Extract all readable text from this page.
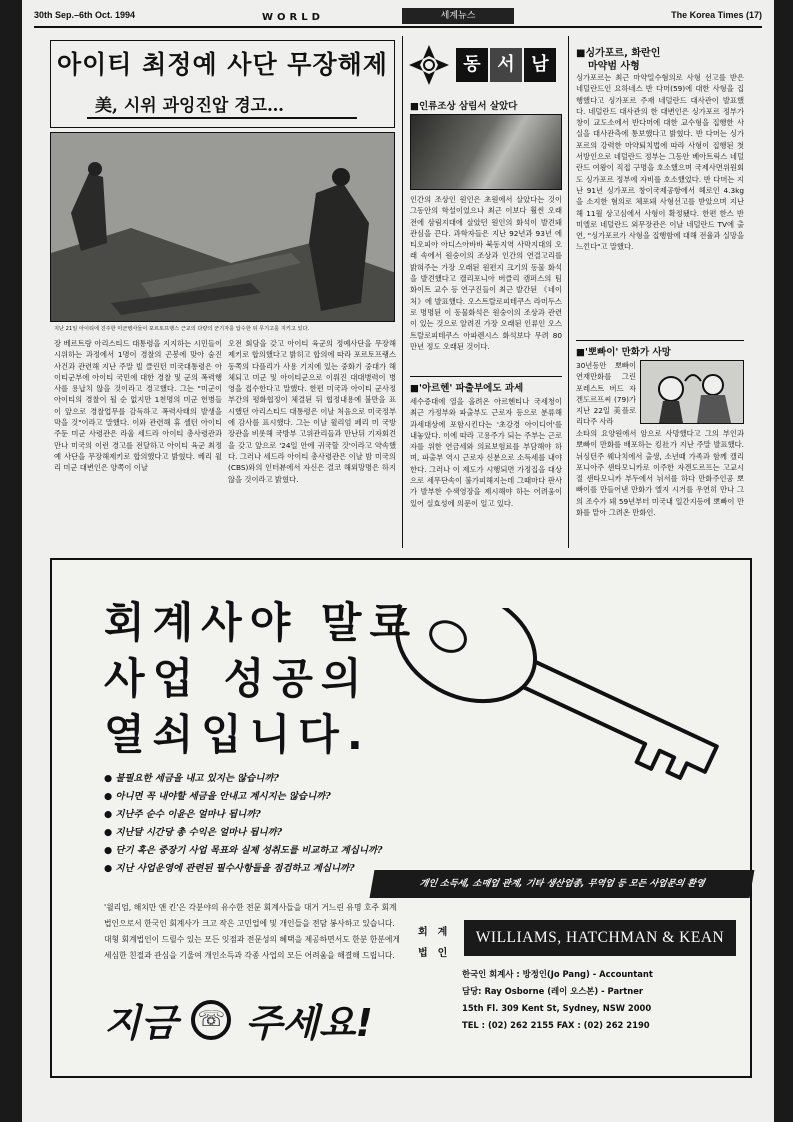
30th Sep.–6th Oct. 1994	WORLD	세계뉴스	The Korea Times (17)
아이티 최정예 사단 무장해제
美, 시위 과잉진압 경고…
지난 21일 아이티에 진주한 미군병사들이 포르토프랭스 근교의 다량의 군기자를 압수한 뒤 무기고를 지키고 있다.
장 베르트랑 아리스티드 대통령을 지지하는 시민들이 시위하는 과정에서 1명이 경찰의 곤봉에 맞아 숨진 사건과 관련해 지난 주말 빌 클린턴 미국대통령은 아이티군부에 아이티 국민에 대한 경찰 및 군의 폭력행사를 용납치 않을 것이라고 경고했다. 그는 "미군이 아이티의 경찰이 될 순 없지만 1천명의 미군 헌병들이 앞으로 경찰업무를 감독하고 폭력사태의 발생을 막을 것"이라고 말했다. 이와 관련해 휴 셸턴 아이티 주둔 미군 사령관은 라울 세드라 아이티 총사령관과 만나 미국의 이런 경고를 전달하고 아이티 육군 최정예 사단을 무장해제키로 합의했다고 밝혔다. 베리 윌리 미군 대변인은 양쪽이 이날
오전 회담을 갖고 아이티 육군의 정예사단을 무장해제키로 합의했다고 밝히고 합의에 따라 포르토프랭스 동쪽의 다플리가 사용 기지에 있는 중화기 중대가 해체되고 미군 및 아이티군으로 이뤄진 대대병력이 병영을 접수한다고 말했다. 한편 미국과 아이티 군사정부간의 평화협정이 체결된 뒤 협정내용에 불만을 표시했던 아리스티드 대통령은 이날 처음으로 미국정부에 감사를 표시했다. 그는 이날 윌리엄 페리 미 국방장관을 비롯해 국방부 고위관리들과 만난뒤 기자회견을 갖고 앞으로 '24일 안에 귀국할 것'이라고 약속했다. 그러나 세드라 아이티 총사령관은 이날 밤 미국의 (CBS)와의 인터뷰에서 자신은 결코 해외망명은 하지 않을 것이라고 밝혔다.
동 서 남
■인류조상 삼림서 살았다
인간의 조상인 원인은 초원에서 살았다는 것이 그동안의 학설이었으나 최근 이보다 훨씬 오래전에 삼림지대에 살았던 원인의 화석이 발견돼 관심을 끈다. 과학자들은 지난 92년과 93년 에티오피아 아디스아바바 북동지역 사막지대의 오래 속에서 원숭이의 조상과 인간의 연결고리를 밝혀주는 가장 오래된 원편지 크기의 동물 화석을 발견했다고 캘리포니아 버클리 캠퍼스의 팀 화이트 교수 등 연구진들이 최근 발간된 《네이처》에 발표했다. 오스트랄로피테쿠스 라미두스로 명명된 이 동물화석은 원숭이의 조상과 관련이 있는 것으로 알려진 가장 오래된 인류인 오스트랄로피테쿠스 아파렌시스 화석보다 무려 80만년 정도 오래된 것이다.
■'아르헨' 파출부에도 과세
세수증대에 열을 올려온 아르헨티나 국세청이 최근 가정부와 파출부도 근로자 등으로 분류해 과세대상에 포함시킨다는 '초강경 아이디어'를 내놓았다. 이에 따라 고용주가 되는 주부는 근로자를 위한 연금세와 의료보험료를 부담해야 하며, 파출부 역시 근로자 신분으로 소득세를 내야 한다. 그러나 이 제도가 시행되면 가정집을 대상으로 세무단속이 불가피해지는데 그때마다 판사가 발부한 수색영장을 제시해야 하는 어려움이 있어 실효성에 의문이 일고 있다.
■싱가포르, 화란인
마약범 사형
싱가포르는 최근 마약밀수혐의로 사형 선고를 받은 네덜란드인 요하네스 반 다머(59)에 대한 사형을 집행했다고 싱가포르 주재 네덜란드 대사관이 발표했다. 네덜란드 대사관의 한 대변인은 싱가포르 정부가 창이 교도소에서 반다머에 대한 교수형을 집행한 사실을 대사관측에 통보했다고 밝혔다. 반 다머는 싱가포르의 강력한 마약퇴치법에 따라 사형이 집행된 첫 서방인으로 네덜란드 정부는 그동안 베아트릭스 네덜란드 여왕이 직접 구명을 호소했으며 국제사면위원회도 싱가포르 정부에 자비를 호소했었다. 반 다머는 지난 91년 싱가포르 창이국제공항에서 헤로인 4.3kg을 소지한 혐의로 체포돼 사형선고를 받았으며 지난해 11월 상고심에서 사형이 확정됐다. 한편 한스 반 미엘로 네덜란드 외무장관은 이날 네덜란드 TV에 출연, "싱가포르가 사형을 집행함에 대해 전율과 실망을 느낀다"고 말했다.
■'뽀빠이' 만화가 사망
30년동안 뽀빠이 연재만화를 그린 포레스트 버드 자겐도르프씨 (79)가 지난 22일 美플로리다주 사라
소타의 요양원에서 암으로 사망했다고 그의 부인과 뽀빠이 만화를 배포하는 킹社가 지난 주말 발표했다. 뉘싱턴주 웨나치에서 출생, 소년때 가족과 함께 캘리포니아주 샌타모니카로 이주한 자겐도르프는 고교시절 샌타모니카 부두에서 뉘서를 하다 만화주인공 뽀빠이를 만들어낸 만화가 엘지 시거를 우연히 만나 그의 조수가 돼 59년부터 미국내 일간지등에 뽀빠이 만화를 맡아 그려온 만화인.
회계사야 말로
사업 성공의
열쇠입니다.
● 불필요한 세금을 내고 있지는 않습니까?
● 아니면 꼭 내야할 세금을 안내고 계시지는 않습니까?
● 지난주 순수 이윤은 얼마나 됩니까?
● 지난달 시간당 총 수익은 얼마나 됩니까?
● 단기 혹은 중장기 사업 목표와 실제 성취도를 비교하고 계십니까?
● 지난 사업운영에 관련된 필수사항들을 점검하고 계십니까?
개인 소득세, 소매업 관계, 기타 생산업종, 무역업 등 모든 사업문의 환영
'윌리엄, 해치만 앤 킨'은 각분야의 유수한 전문 회계사들을 대거 거느린 유명 호주 회계법인으로서 한국인 회계사가 크고 작은 고민업에 및 개인들을 전담 봉사하고 있습니다. 대형 회계법인이 드릴수 있는 모든 잇점과 전문성의 혜택을 제공하면서도 한분 한분에게 세심한 친절과 관심을 기울여 개인소득과 각종 사업의 모든 어려움을 해결해 드립니다.
지금 ☏ 주세요!
회계법인
WILLIAMS, HATCHMAN & KEAN
한국인 회계사 : 방정인(Jo Pang) - Accountant
담당: Ray Osborne (레이 오스본) - Partner
15th Fl. 309 Kent St, Sydney, NSW 2000
TEL : (02) 262 2155 FAX : (02) 262 2190
